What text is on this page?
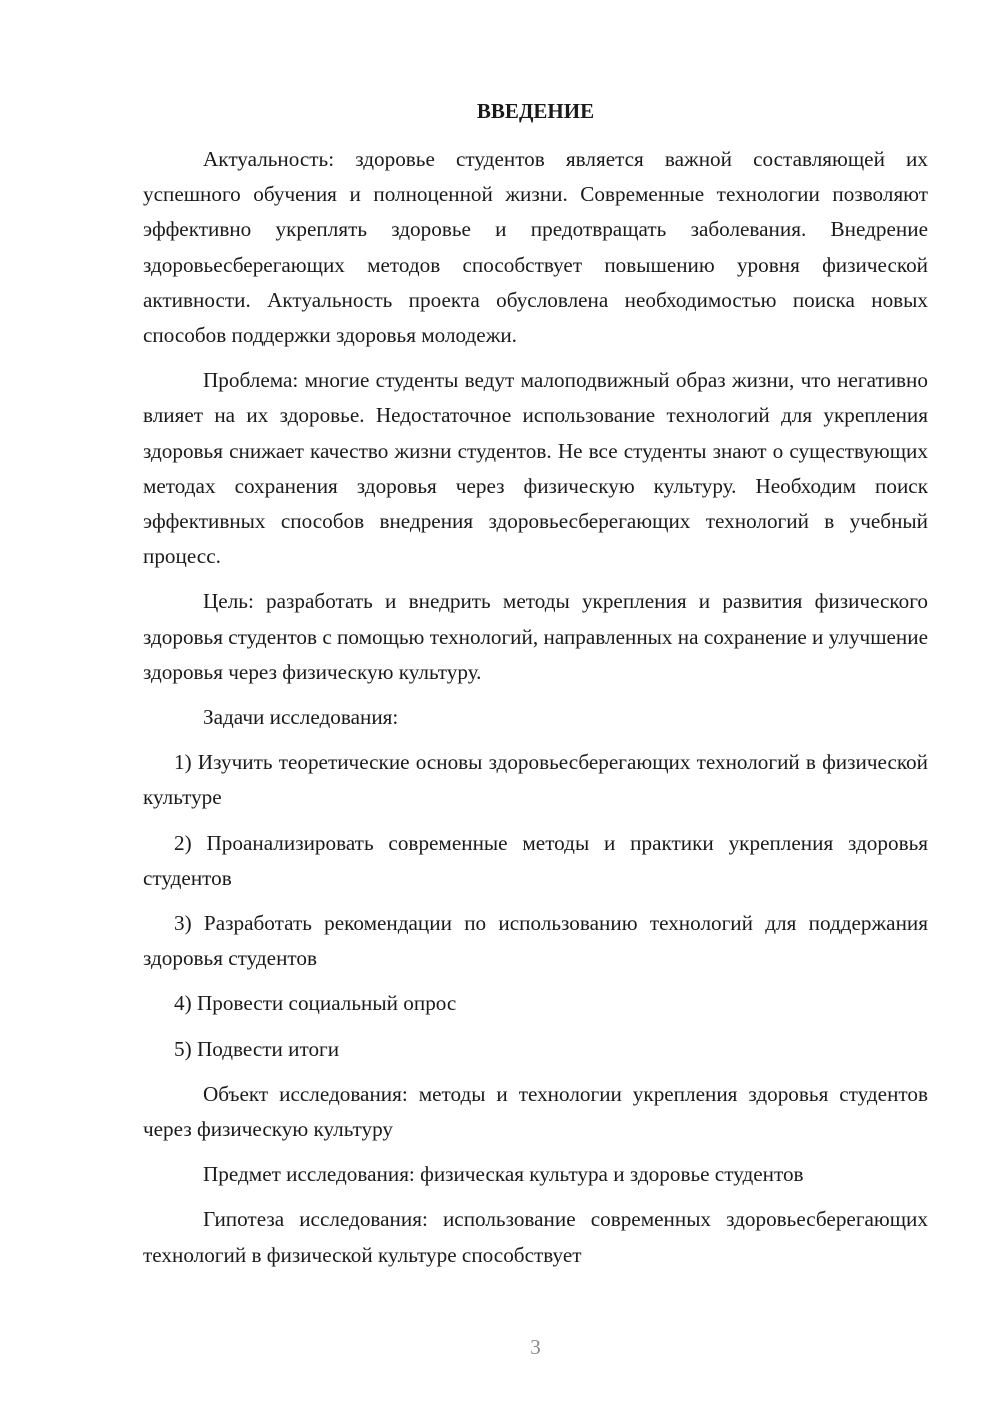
ВВЕДЕНИЕ

Актуальность: здоровье студентов является важной составляющей их успешного обучения и полноценной жизни. Современные технологии позволяют эффективно укреплять здоровье и предотвращать заболевания. Внедрение здоровьесберегающих методов способствует повышению уровня физической активности. Актуальность проекта обусловлена необходимостью поиска новых способов поддержки здоровья молодежи.

Проблема: многие студенты ведут малоподвижный образ жизни, что негативно влияет на их здоровье. Недостаточное использование технологий для укрепления здоровья снижает качество жизни студентов. Не все студенты знают о существующих методах сохранения здоровья через физическую культуру. Необходим поиск эффективных способов внедрения здоровьесберегающих технологий в учебный процесс.

Цель: разработать и внедрить методы укрепления и развития физического здоровья студентов с помощью технологий, направленных на сохранение и улучшение здоровья через физическую культуру.

Задачи исследования:

1) Изучить теоретические основы здоровьесберегающих технологий в физической культуре

2) Проанализировать современные методы и практики укрепления здоровья студентов

3) Разработать рекомендации по использованию технологий для поддержания здоровья студентов

4) Провести социальный опрос

5) Подвести итоги

Объект исследования: методы и технологии укрепления здоровья студентов через физическую культуру

Предмет исследования: физическая культура и здоровье студентов

Гипотеза исследования: использование современных здоровьесберегающих технологий в физической культуре способствует

3
